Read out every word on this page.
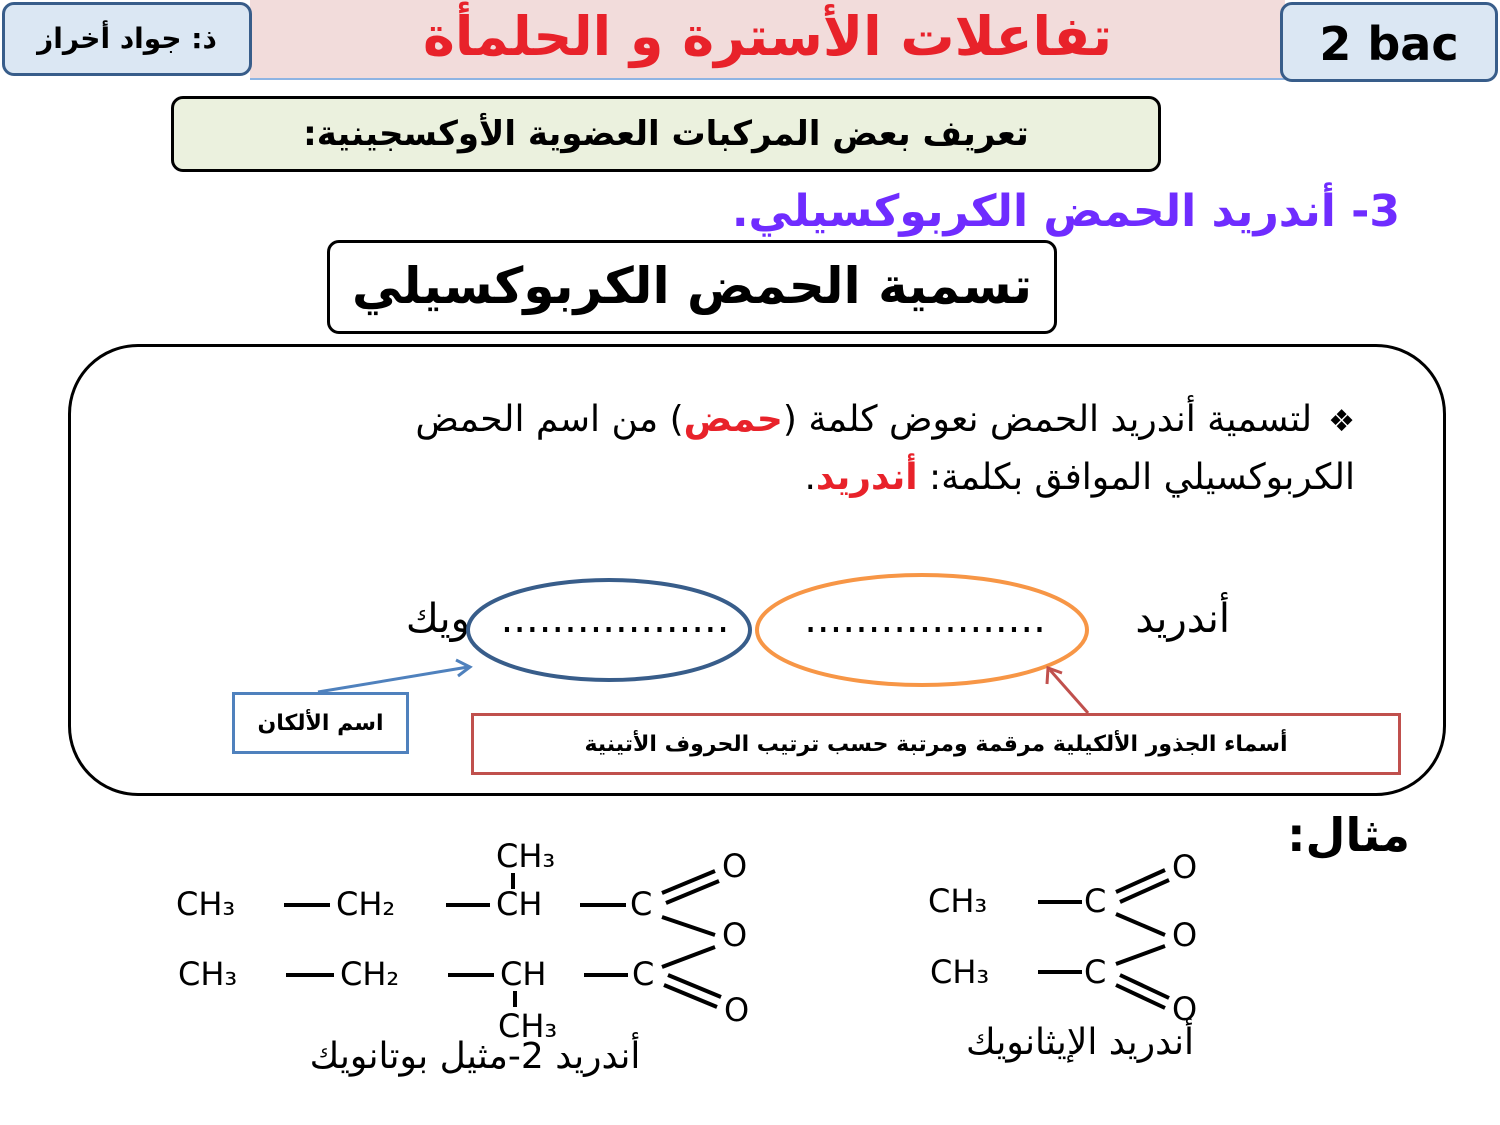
تفاعلات الأسترة و الحلمأة
ذ: جواد أخراز	2 bac
تعريف بعض المركبات العضوية الأوكسجينية:
3- أندريد الحمض الكربوكسيلي.
تسمية الحمض الكربوكسيلي
❖لتسمية أندريد الحمض نعوض كلمة (حمض) من اسم الحمض الكربوكسيلي الموافق بكلمة: أندريد.
أندريد
...................
..................
ويك
اسم الألكان
أسماء الجذور الألكيلية مرقمة ومرتبة حسب ترتيب الحروف الأتينية
مثال:
CH₃	C
O
O
CH₃	C
O
أندريد الإيثانويك
CH₃
CH₃	CH₂	CH	C
O
O
CH₃	CH₂	CH	C
O
CH₃
أندريد 2-مثيل بوتانويك
